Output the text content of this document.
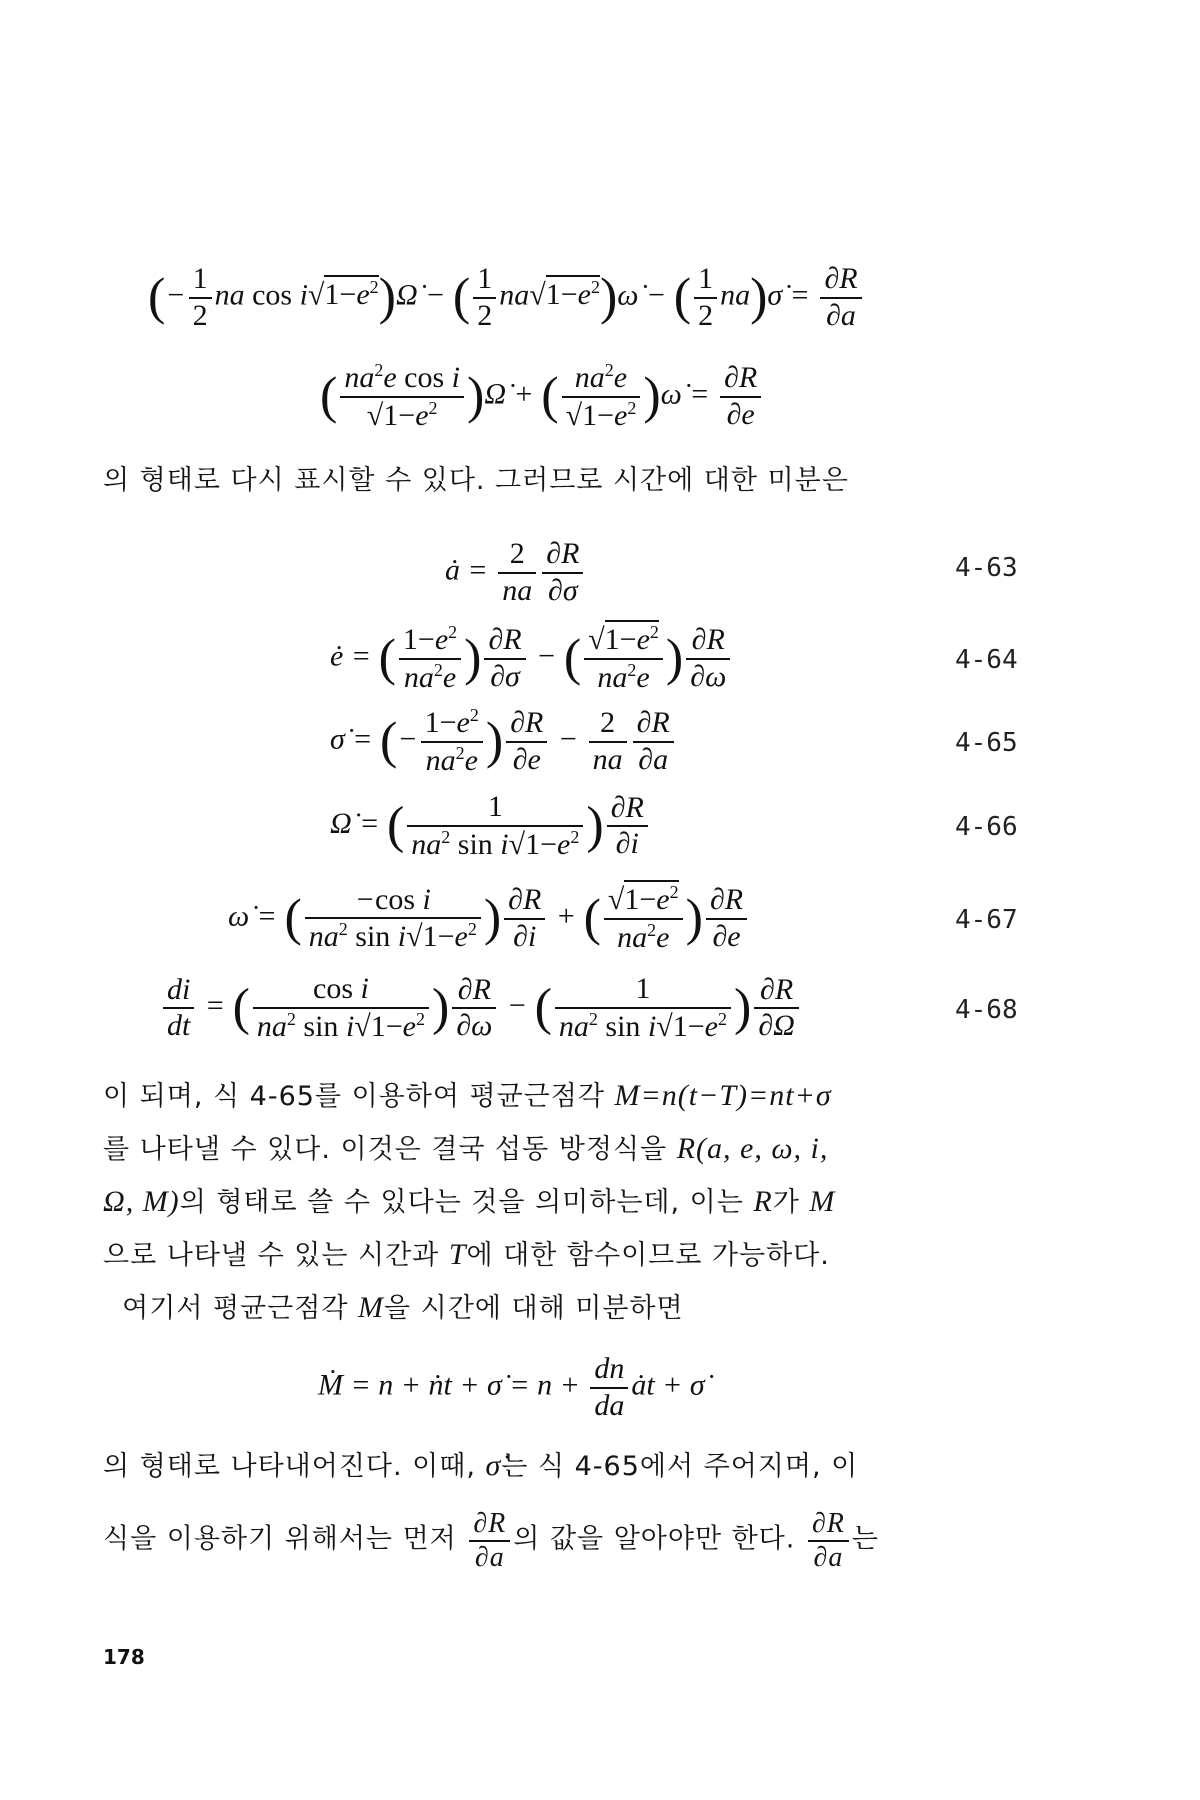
(− $\frac{1}{2}$ na $\cos i√1-e^2)\Omegȧ$ − ( $\frac{1}{2}$ $na√1-e^2)\omegȧ$ − ( $\frac{1}{2}$ na)σ̇ = $\frac{\partial R}{\partial a}$
( $\frac{na^2e \cos i}{√1-e^2}$ )Ω̇ + ( $\frac{na^2e}{√1-e^2}$ )ω̇ = $\frac{\partial R}{\partial e}$
의 형태로 다시 표시할 수 있다. 그러므로 시간에 대한 미분은
ȧ = $\frac{2}{na} \frac{\partial R}{\partial\sigma}$	4-63
ė = ( $\frac{1-e^2}{na^2e}$ ) $\frac{\partial R}{\partial\sigma}$ − ( $\frac{√1-e^2}{na^2e}$ ) $\frac{\partial R}{\partial\omega}$	4-64
σ̇ = (− $\frac{1-e^2}{na^2e}$ ) $\frac{\partial R}{\partial e} - \frac{2}{na} \frac{\partial R}{\partial a}$	4-65
Ω̇ = ( $\frac{1}{na^2 \sin i√1-e^2}$ ) $\frac{\partial R}{\partial i}$	4-66
ω̇ = ( $\frac{\text{−cos i}}{na^2 \sin i√1-e^2}$ ) $\frac{\partial R}{\partial i}$ + ( $\frac{√1-e^2}{na^2e}$ ) $\frac{\partial R}{\partial e}$	4-67
$\frac{di}{dt}$ = ( $\frac{\text{cos i}}{na^2 \sin i√1-e^2}$ ) $\frac{\partial R}{\partial\omega}$ − ( $\frac{1}{na^2 \sin i√1-e^2}$ ) $\frac{\partial R}{\partial\Omega}$	4-68
이 되며, 식 4-65를 이용하여 평균근점각 M=n(t−T)=nt+σ
를 나타낼 수 있다. 이것은 결국 섭동 방정식을 R(a, e, ω, i,
Ω, M)의 형태로 쓸 수 있다는 것을 의미하는데, 이는 R가 M
으로 나타낼 수 있는 시간과 T에 대한 함수이므로 가능하다.
여기서 평균근점각 M을 시간에 대해 미분하면
Ṁ = n + ṅt + σ̇ = $n + \frac{dn}{da}$ ȧt + σ̇
의 형태로 나타내어진다. 이때, σ̇는 식 4-65에서 주어지며, 이
식을 이용하기 위해서는 먼저 $\frac{\partial R}{\partial a}$ 의 값을 알아야만 한다. $\frac{\partial R}{\partial a}$ 는
178
